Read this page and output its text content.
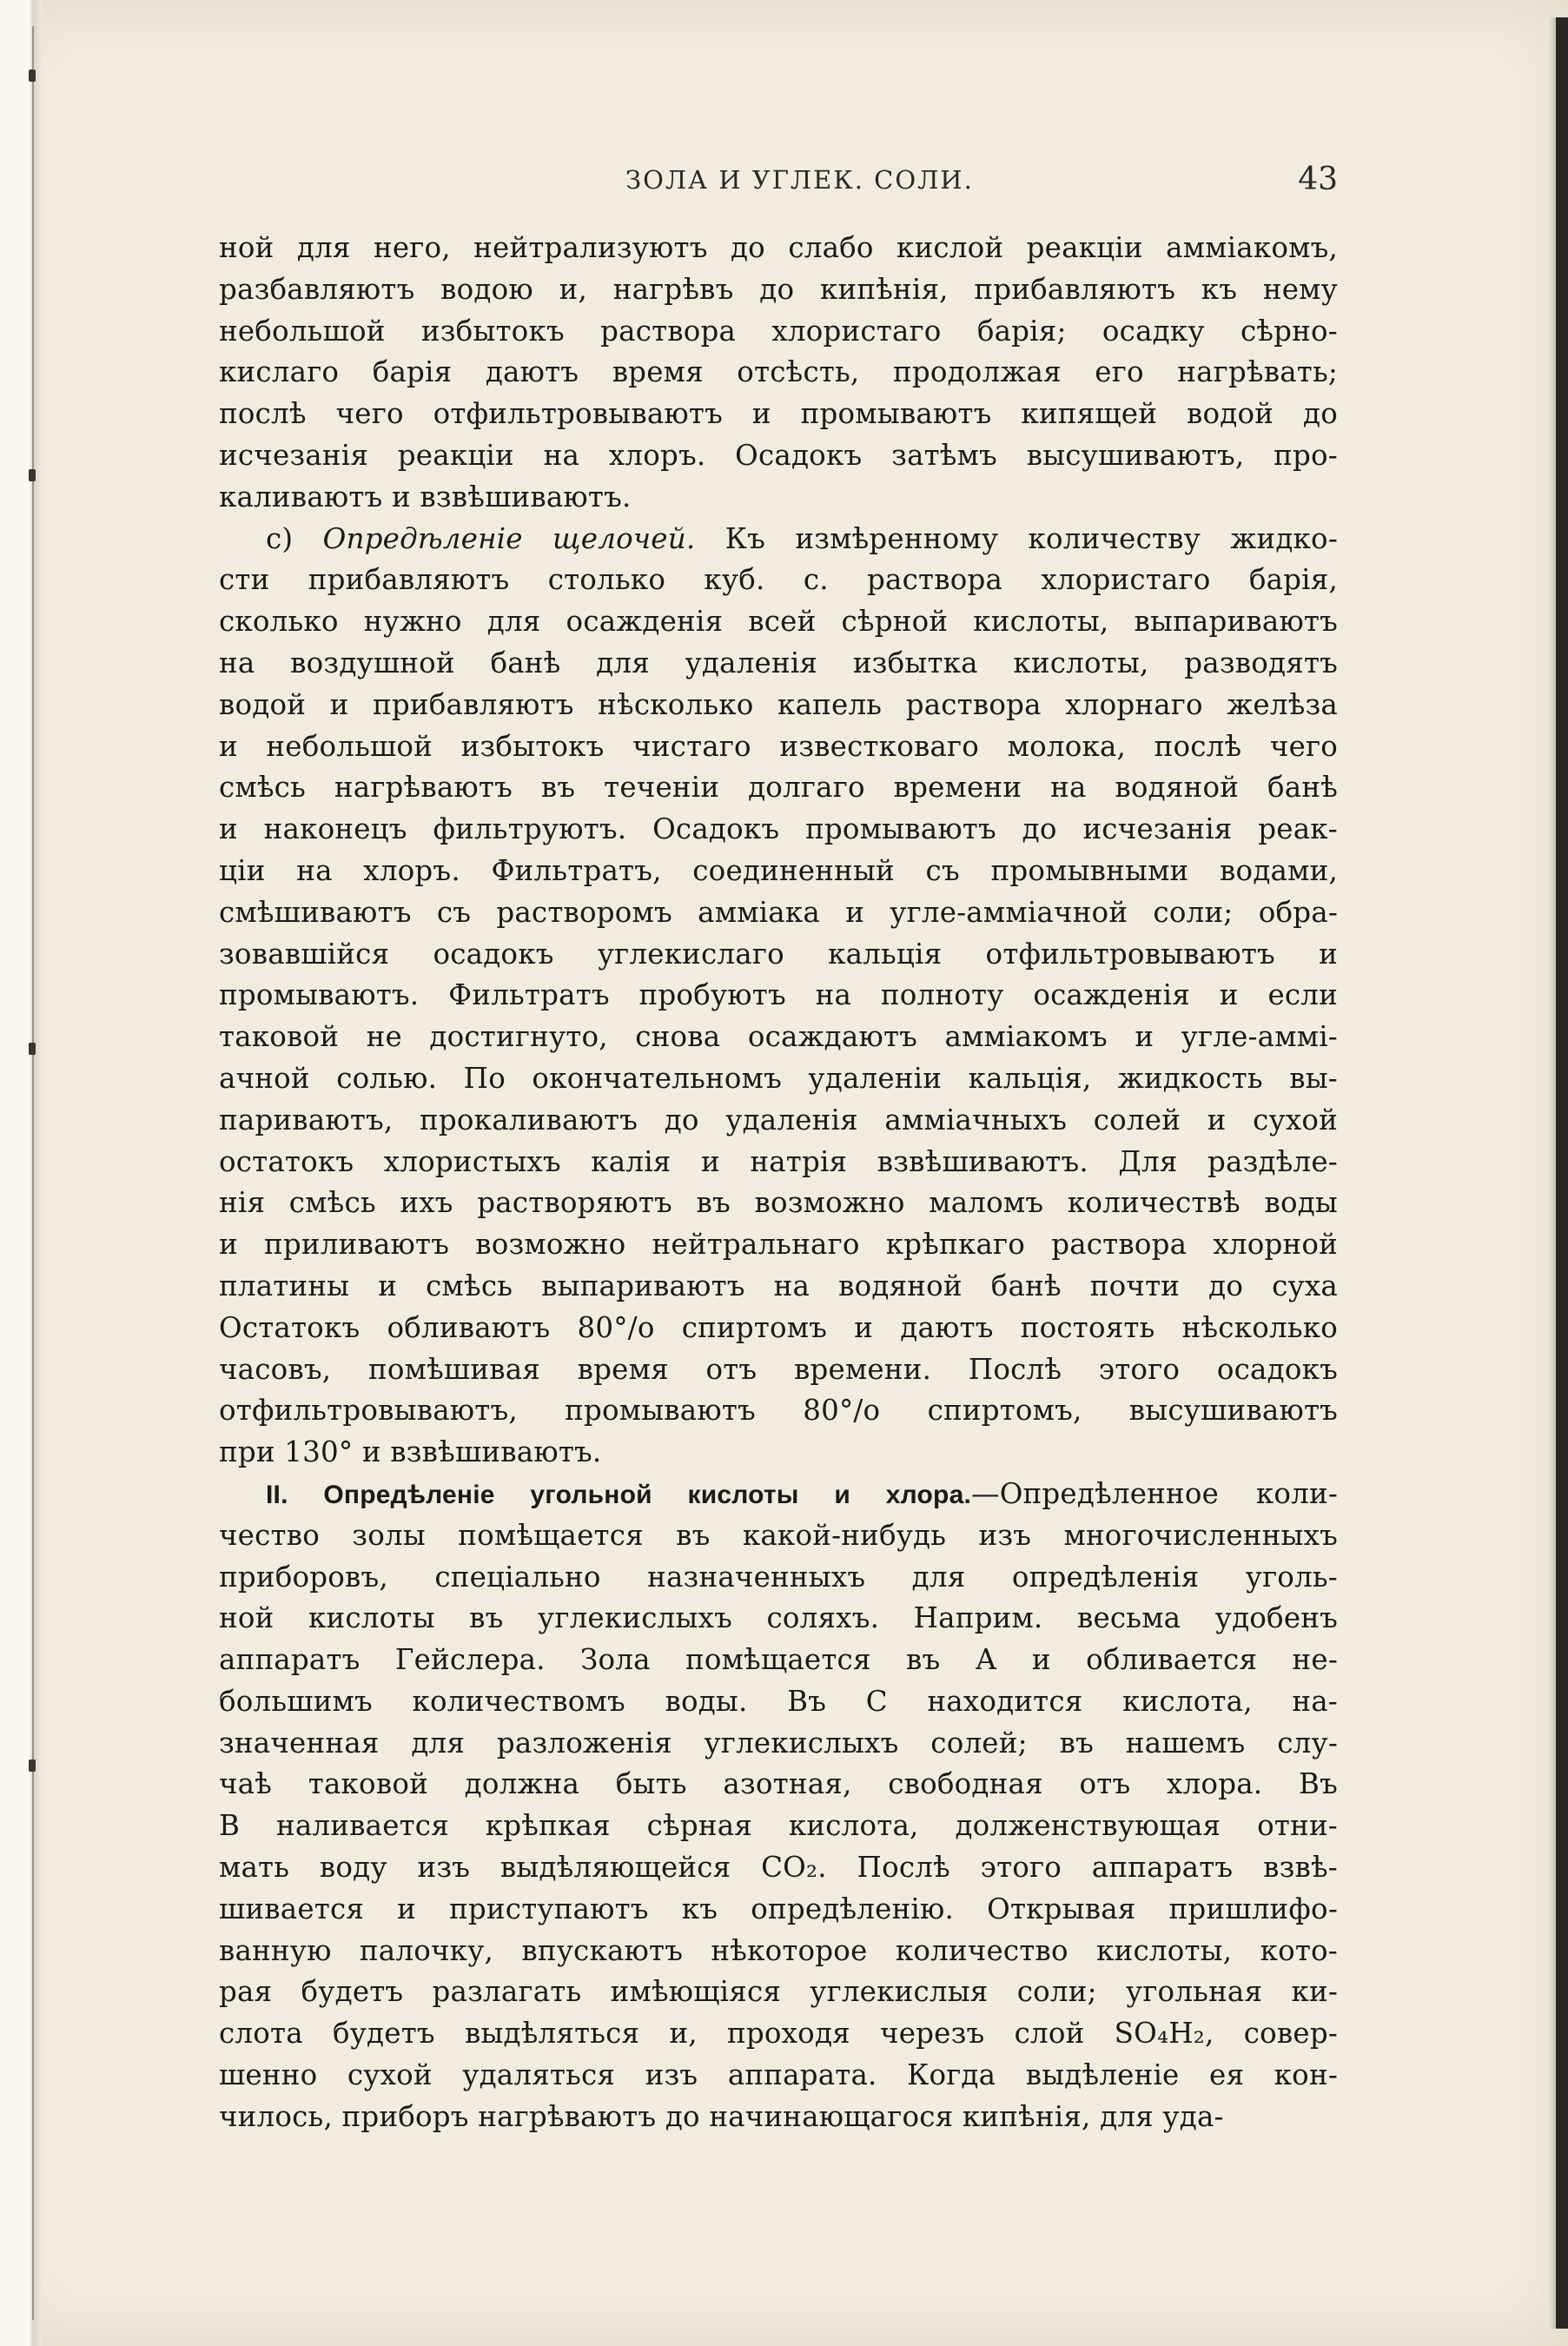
ЗОЛА И УГЛЕК. СОЛИ.	43
ной для него, нейтрализуютъ до слабо кислой реакціи амміакомъ,
разбавляютъ водою и, нагрѣвъ до кипѣнія, прибавляютъ къ нему
небольшой избытокъ раствора хлористаго барія; осадку сѣрно-
кислаго барія даютъ время отсѣсть, продолжая его нагрѣвать;
послѣ чего отфильтровываютъ и промываютъ кипящей водой до
исчезанія реакціи на хлоръ. Осадокъ затѣмъ высушиваютъ, про-
каливаютъ и взвѣшиваютъ.
c) Опредѣленіе щелочей. Къ измѣренному количеству жидко-
сти прибавляютъ столько куб. с. раствора хлористаго барія,
сколько нужно для осажденія всей сѣрной кислоты, выпариваютъ
на воздушной банѣ для удаленія избытка кислоты, разводятъ
водой и прибавляютъ нѣсколько капель раствора хлорнаго желѣза
и небольшой избытокъ чистаго известковаго молока, послѣ чего
смѣсь нагрѣваютъ въ теченіи долгаго времени на водяной банѣ
и наконецъ фильтруютъ. Осадокъ промываютъ до исчезанія реак-
ціи на хлоръ. Фильтратъ, соединенный съ промывными водами,
смѣшиваютъ съ растворомъ амміака и угле-амміачной соли; обра-
зовавшійся осадокъ углекислаго кальція отфильтровываютъ и
промываютъ. Фильтратъ пробуютъ на полноту осажденія и если
таковой не достигнуто, снова осаждаютъ амміакомъ и угле-аммі-
ачной солью. По окончательномъ удаленіи кальція, жидкость вы-
париваютъ, прокаливаютъ до удаленія амміачныхъ солей и сухой
остатокъ хлористыхъ калія и натрія взвѣшиваютъ. Для раздѣле-
нія смѣсь ихъ растворяютъ въ возможно маломъ количествѣ воды
и приливаютъ возможно нейтральнаго крѣпкаго раствора хлорной
платины и смѣсь выпариваютъ на водяной банѣ почти до суха
Остатокъ обливаютъ 80°/о спиртомъ и даютъ постоять нѣсколько
часовъ, помѣшивая время отъ времени. Послѣ этого осадокъ
отфильтровываютъ, промываютъ 80°/о спиртомъ, высушиваютъ
при 130° и взвѣшиваютъ.
II. Опредѣленіе угольной кислоты и хлора.—Опредѣленное коли-
чество золы помѣщается въ какой-нибудь изъ многочисленныхъ
приборовъ, спеціально назначенныхъ для опредѣленія уголь-
ной кислоты въ углекислыхъ соляхъ. Наприм. весьма удобенъ
аппаратъ Гейслера. Зола помѣщается въ А и обливается не-
большимъ количествомъ воды. Въ С находится кислота, на-
значенная для разложенія углекислыхъ солей; въ нашемъ слу-
чаѣ таковой должна быть азотная, свободная отъ хлора. Въ
В наливается крѣпкая сѣрная кислота, долженствующая отни-
мать воду изъ выдѣляющейся CO₂. Послѣ этого аппаратъ взвѣ-
шивается и приступаютъ къ опредѣленію. Открывая пришлифо-
ванную палочку, впускаютъ нѣкоторое количество кислоты, кото-
рая будетъ разлагать имѣющіяся углекислыя соли; угольная ки-
слота будетъ выдѣляться и, проходя черезъ слой SO₄H₂, совер-
шенно сухой удаляться изъ аппарата. Когда выдѣленіе ея кон-
чилось, приборъ нагрѣваютъ до начинающагося кипѣнія, для уда-
